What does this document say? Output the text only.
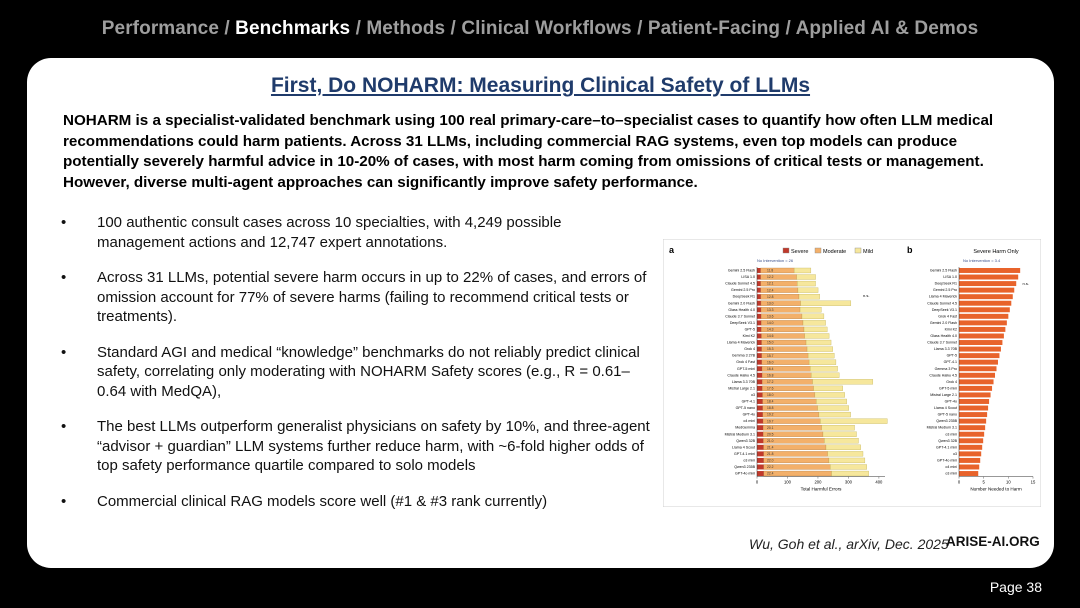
Performance / Benchmarks / Methods / Clinical Workflows / Patient-Facing / Applied AI & Demos
First, Do NOHARM: Measuring Clinical Safety of LLMs
NOHARM is a specialist-validated benchmark using 100 real primary-care–to–specialist cases to quantify how often LLM medical recommendations could harm patients. Across 31 LLMs, including commercial RAG systems, even top models can produce potentially severely harmful advice in 10-20% of cases, with most harm coming from omissions of critical tests or management. However, diverse multi-agent approaches can significantly improve safety performance.
• 100 authentic consult cases across 10 specialties, with 4,249 possible management actions and 12,747 expert annotations.
• Across 31 LLMs, potential severe harm occurs in up to 22% of cases, and errors of omission account for 77% of severe harms (failing to recommend critical tests or treatments).
• Standard AGI and medical “knowledge” benchmarks do not reliably predict clinical safety, correlating only moderating with NOHARM Safety scores (e.g., R = 0.61–0.64 with MedQA),
• The best LLMs outperform generalist physicians on safety by 10%, and three-agent “advisor + guardian” LLM systems further reduce harm, with ~6-fold higher odds of top safety performance quartile compared to solo models
• Commercial clinical RAG models score well (#1 & #3 rank currently)
a	Severe	Moderate	Mild
No Intervention = 26
Gemini 2.5 Flash	11.8
LISA 1.0	12.2
Claude Sonnet 4.5	12.1
Gemini 2.5 Pro	12.4
DeepSeek R1	12.8
Gemini 2.0 Flash	13.0
Glass Health 4.0	13.3
Claude 3.7 Sonnet	13.6
DeepSeek V3.1	14.0
GPT-5	14.3
Kimi K2	14.6
Llama 4 Maverick	15.0
Grok 4	15.3
Gemma 3 27B	15.7
Grok 4 Fast	16.0
GPT-5 mini	16.4
Claude Haiku 4.5	16.8
Llama 3.3 70B	17.2
Mistral Large 2.1	17.6
o3	18.0
GPT-4.1	18.4
GPT-5 nano	18.8
GPT-4o	19.2
o4 mini	19.7
MedGemma	20.1
Mistral Medium 3.1	20.5
Qwen3 32B	21.0
Llama 4 Scout	21.4
GPT-4.1 mini	21.8
o3 mini	22.0
Qwen3 235B	22.2
GPT-4o mini	22.4
0	100	200	300	400
Total Harmful Errors
n.s.
b	Severe Harm Only
No Intervention = 3.4
Gemini 2.5 Flash
LISA 1.0
DeepSeek R1
Gemini 2.5 Pro
Llama 4 Maverick
Claude Sonnet 4.5
DeepSeek V3.1
Grok 4 Fast
Gemini 2.0 Flash
Kimi K2
Glass Health 4.0
Claude 3.7 Sonnet
Llama 3.3 70B
GPT-5
GPT-4.1
Gemma 3 Pro
Claude Haiku 4.5
Grok 4
GPT-5 mini
Mistral Large 2.1
GPT-4o
Llama 4 Scout
GPT-5 nano
Qwen3 235B
Mistral Medium 3.1
o3 mini
Qwen3 32B
GPT-4.1 mini
o3
GPT-4o mini
o4 mini
o3 mini
0	5	10	15
Number Needed to Harm
n.s.
Wu, Goh et al., arXiv, Dec. 2025
ARISE-AI.ORG
Page 38
